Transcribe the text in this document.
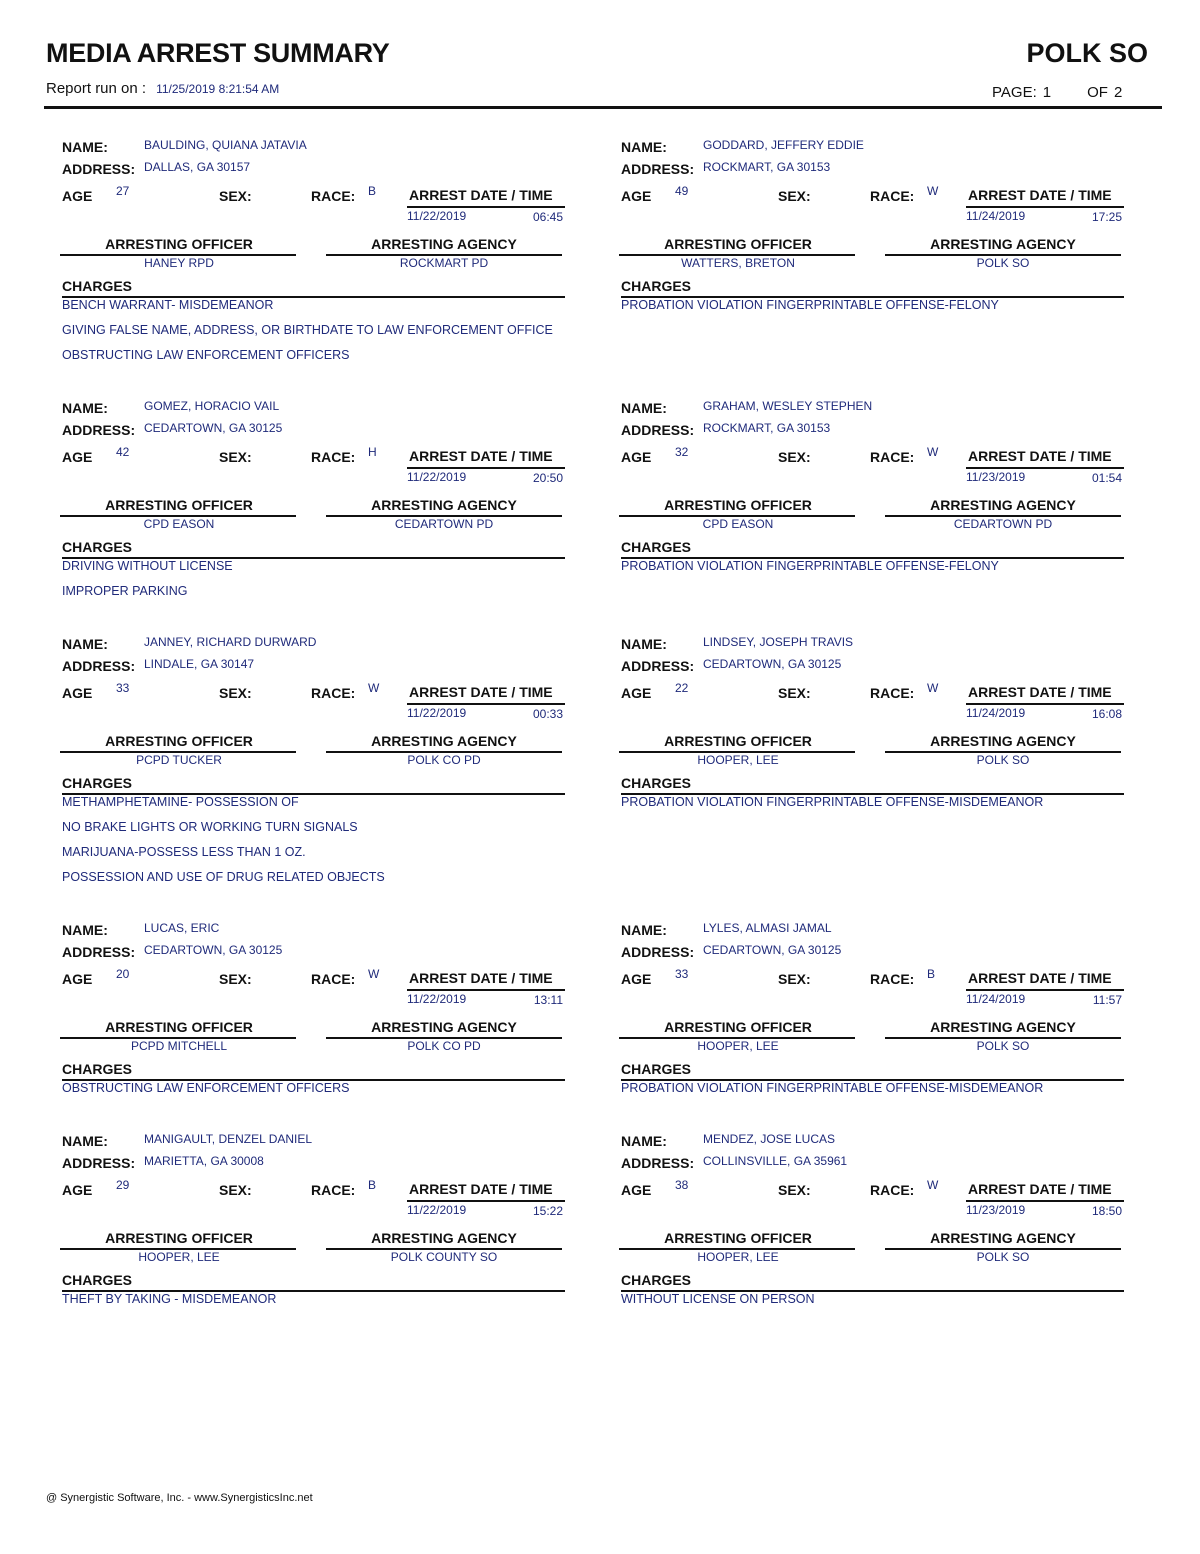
MEDIA ARREST SUMMARY	POLK SO
Report run on : 11/25/2019 8:21:54 AM	PAGE: 1 OF 2
NAME:	BAULDING, QUIANA JATAVIA
ADDRESS: DALLAS, GA 30157
AGE 27	SEX:	RACE: B ARREST DATE / TIME
11/22/2019	06:45
ARRESTING OFFICER
HANEY RPD
ARRESTING AGENCY
ROCKMART PD
CHARGES
BENCH WARRANT- MISDEMEANOR
GIVING FALSE NAME, ADDRESS, OR BIRTHDATE TO LAW ENFORCEMENT OFFICE
OBSTRUCTING LAW ENFORCEMENT OFFICERS
NAME:	GODDARD, JEFFERY EDDIE
ADDRESS: ROCKMART, GA 30153
AGE 49	SEX:	RACE: W ARREST DATE / TIME
11/24/2019	17:25
ARRESTING OFFICER
WATTERS, BRETON
ARRESTING AGENCY
POLK SO
CHARGES
PROBATION VIOLATION FINGERPRINTABLE OFFENSE-FELONY
NAME:	GOMEZ, HORACIO VAIL
ADDRESS: CEDARTOWN, GA 30125
AGE 42	SEX:	RACE: H ARREST DATE / TIME
11/22/2019	20:50
ARRESTING OFFICER
CPD EASON
ARRESTING AGENCY
CEDARTOWN PD
CHARGES
DRIVING WITHOUT LICENSE
IMPROPER PARKING
NAME:	GRAHAM, WESLEY STEPHEN
ADDRESS: ROCKMART, GA 30153
AGE 32	SEX:	RACE: W ARREST DATE / TIME
11/23/2019	01:54
ARRESTING OFFICER
CPD EASON
ARRESTING AGENCY
CEDARTOWN PD
CHARGES
PROBATION VIOLATION FINGERPRINTABLE OFFENSE-FELONY
NAME:	JANNEY, RICHARD DURWARD
ADDRESS: LINDALE, GA 30147
AGE 33	SEX:	RACE: W ARREST DATE / TIME
11/22/2019	00:33
ARRESTING OFFICER
PCPD TUCKER
ARRESTING AGENCY
POLK CO PD
CHARGES
METHAMPHETAMINE- POSSESSION OF
NO BRAKE LIGHTS OR WORKING TURN SIGNALS
MARIJUANA-POSSESS LESS THAN 1 OZ.
POSSESSION AND USE OF DRUG RELATED OBJECTS
NAME:	LINDSEY, JOSEPH TRAVIS
ADDRESS: CEDARTOWN, GA 30125
AGE 22	SEX:	RACE: W ARREST DATE / TIME
11/24/2019	16:08
ARRESTING OFFICER
HOOPER, LEE
ARRESTING AGENCY
POLK SO
CHARGES
PROBATION VIOLATION FINGERPRINTABLE OFFENSE-MISDEMEANOR
NAME:	LUCAS, ERIC
ADDRESS: CEDARTOWN, GA 30125
AGE 20	SEX:	RACE: W ARREST DATE / TIME
11/22/2019	13:11
ARRESTING OFFICER
PCPD MITCHELL
ARRESTING AGENCY
POLK CO PD
CHARGES
OBSTRUCTING LAW ENFORCEMENT OFFICERS
NAME:	LYLES, ALMASI JAMAL
ADDRESS: CEDARTOWN, GA 30125
AGE 33	SEX:	RACE: B ARREST DATE / TIME
11/24/2019	11:57
ARRESTING OFFICER
HOOPER, LEE
ARRESTING AGENCY
POLK SO
CHARGES
PROBATION VIOLATION FINGERPRINTABLE OFFENSE-MISDEMEANOR
NAME:	MANIGAULT, DENZEL DANIEL
ADDRESS: MARIETTA, GA 30008
AGE 29	SEX:	RACE: B ARREST DATE / TIME
11/22/2019	15:22
ARRESTING OFFICER
HOOPER, LEE
ARRESTING AGENCY
POLK COUNTY SO
CHARGES
THEFT BY TAKING - MISDEMEANOR
NAME:	MENDEZ, JOSE LUCAS
ADDRESS: COLLINSVILLE, GA 35961
AGE 38	SEX:	RACE: W ARREST DATE / TIME
11/23/2019	18:50
ARRESTING OFFICER
HOOPER, LEE
ARRESTING AGENCY
POLK SO
CHARGES
WITHOUT LICENSE ON PERSON
@ Synergistic Software, Inc. - www.SynergisticsInc.net
